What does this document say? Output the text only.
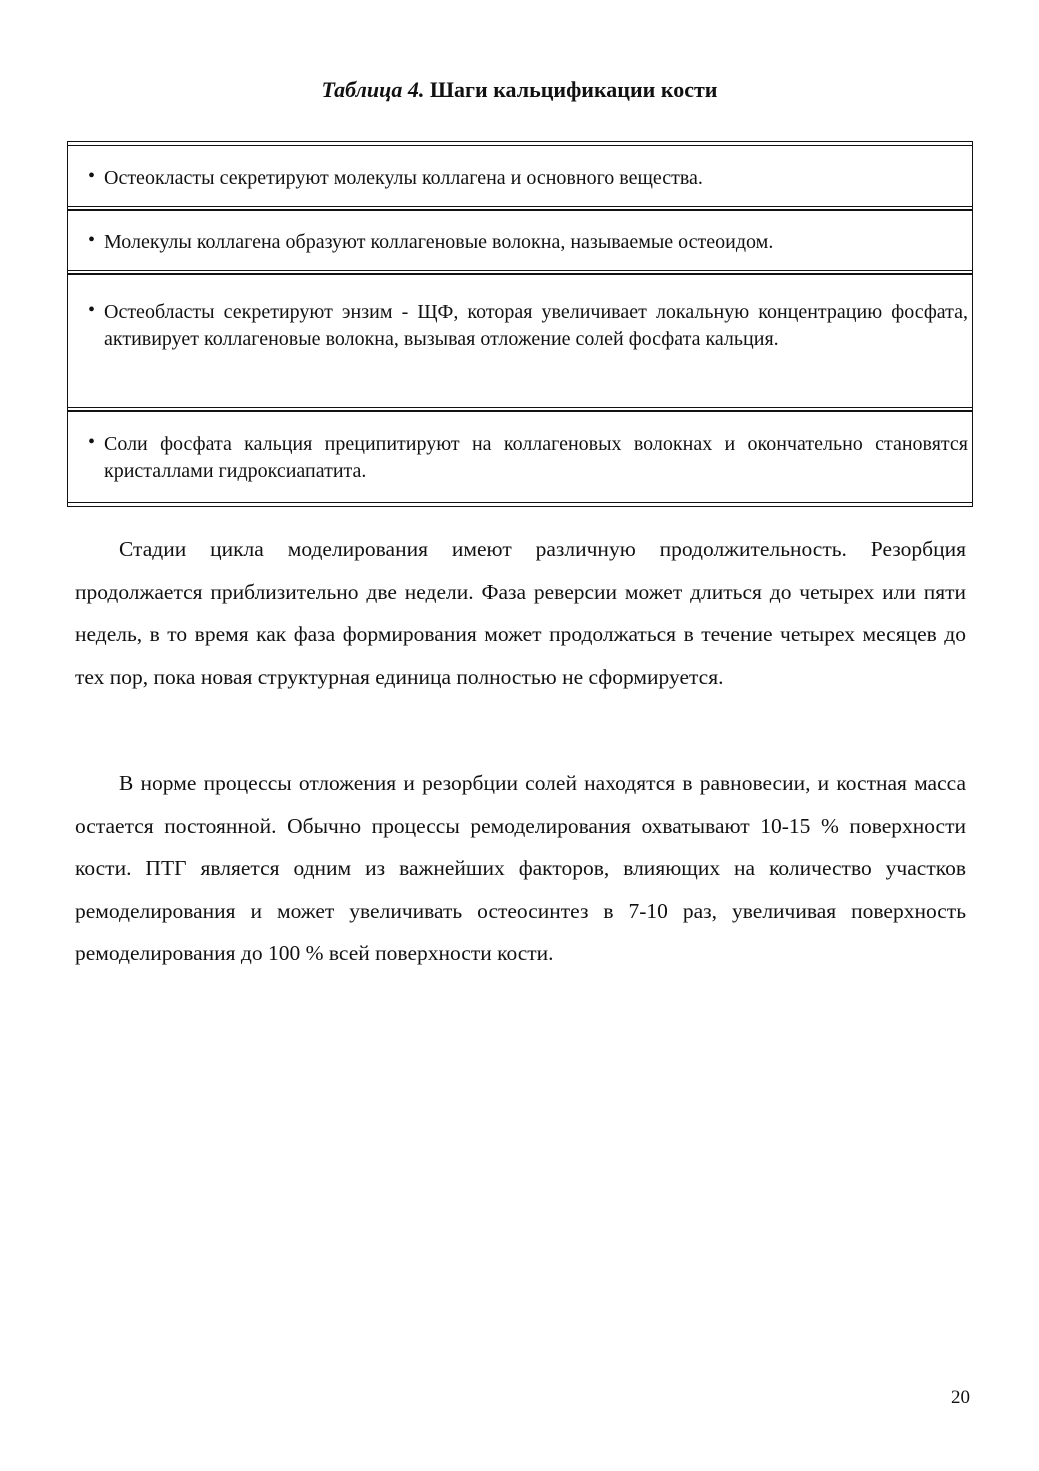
Таблица 4. Шаги кальцификации кости
• Остеокласты секретируют молекулы коллагена и основного вещества.
• Молекулы коллагена образуют коллагеновые волокна, называемые остеоидом.
• Остеобласты секретируют энзим - ЩФ, которая увеличивает локальную концентрацию фосфата, активирует коллагеновые волокна, вызывая отложение солей фосфата кальция.
• Соли фосфата кальция преципитируют на коллагеновых волокнах и окончательно становятся кристаллами гидроксиапатита.

Стадии цикла моделирования имеют различную продолжительность. Резорбция продолжается приблизительно две недели. Фаза реверсии может длиться до четырех или пяти недель, в то время как фаза формирования может продолжаться в течение четырех месяцев до тех пор, пока новая структурная единица полностью не сформируется.

В норме процессы отложения и резорбции солей находятся в равновесии, и костная масса остается постоянной. Обычно процессы ремоделирования охватывают 10-15 % поверхности кости. ПТГ является одним из важнейших факторов, влияющих на количество участков ремоделирования и может увеличивать остеосинтез в 7-10 раз, увеличивая поверхность ремоделирования до 100 % всей поверхности кости.

20
